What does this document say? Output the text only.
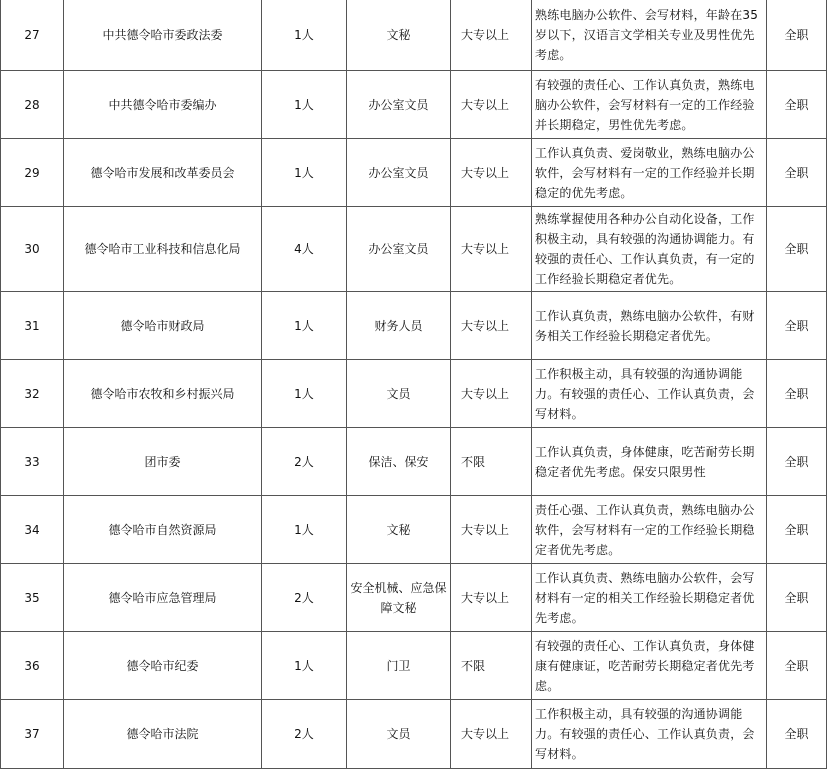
27	中共德令哈市委政法委	1人	文秘	大专以上	熟练电脑办公软件、会写材料，年龄在35岁以下，汉语言文学相关专业及男性优先考虑。	全职
28	中共德令哈市委编办	1人	办公室文员	大专以上	有较强的责任心、工作认真负责，熟练电脑办公软件，会写材料有一定的工作经验并长期稳定，男性优先考虑。	全职
29	德令哈市发展和改革委员会	1人	办公室文员	大专以上	工作认真负责、爱岗敬业，熟练电脑办公软件，会写材料有一定的工作经验并长期稳定的优先考虑。	全职
30	德令哈市工业科技和信息化局	4人	办公室文员	大专以上	熟练掌握使用各种办公自动化设备，工作积极主动，具有较强的沟通协调能力。有较强的责任心、工作认真负责，有一定的工作经验长期稳定者优先。	全职
31	德令哈市财政局	1人	财务人员	大专以上	工作认真负责，熟练电脑办公软件，有财务相关工作经验长期稳定者优先。	全职
32	德令哈市农牧和乡村振兴局	1人	文员	大专以上	工作积极主动，具有较强的沟通协调能力。有较强的责任心、工作认真负责，会写材料。	全职
33	团市委	2人	保洁、保安	不限	工作认真负责，身体健康，吃苦耐劳长期稳定者优先考虑。保安只限男性	全职
34	德令哈市自然资源局	1人	文秘	大专以上	责任心强、工作认真负责，熟练电脑办公软件，会写材料有一定的工作经验长期稳定者优先考虑。	全职
35	德令哈市应急管理局	2人	安全机械、应急保障文秘	大专以上	工作认真负责、熟练电脑办公软件，会写材料有一定的相关工作经验长期稳定者优先考虑。	全职
36	德令哈市纪委	1人	门卫	不限	有较强的责任心、工作认真负责，身体健康有健康证，吃苦耐劳长期稳定者优先考虑。	全职
37	德令哈市法院	2人	文员	大专以上	工作积极主动，具有较强的沟通协调能力。有较强的责任心、工作认真负责，会写材料。	全职
